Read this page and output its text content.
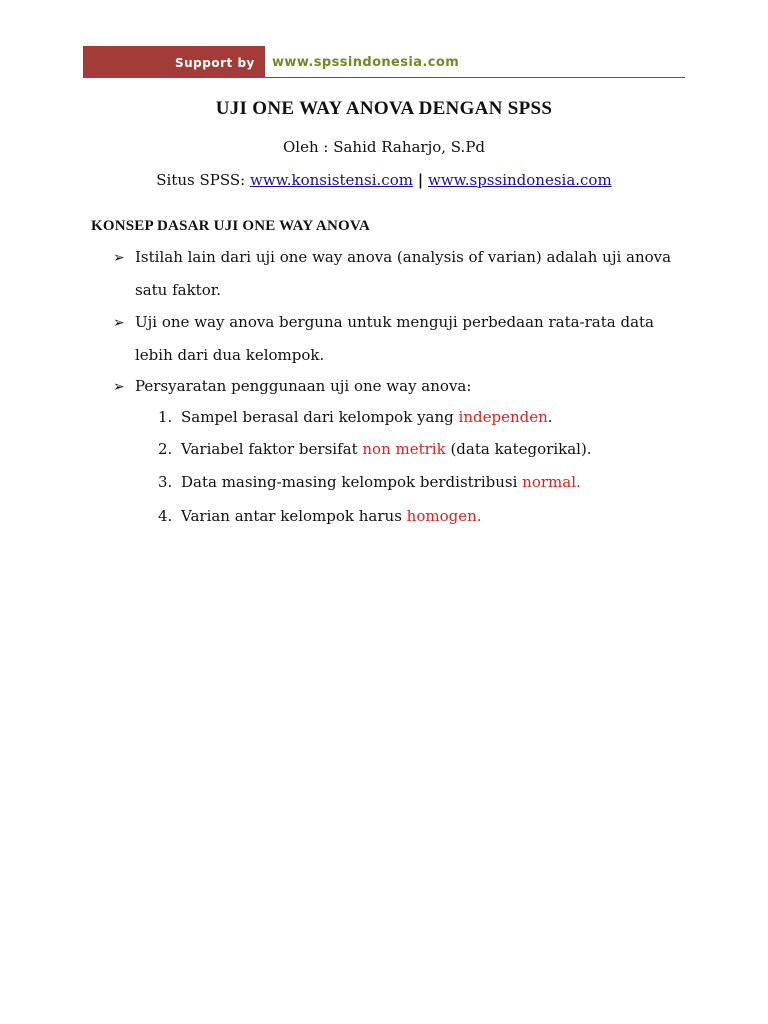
Support by	www.spssindonesia.com
UJI ONE WAY ANOVA DENGAN SPSS
Oleh : Sahid Raharjo, S.Pd
Situs SPSS: www.konsistensi.com | www.spssindonesia.com
KONSEP DASAR UJI ONE WAY ANOVA
➢ Istilah lain dari uji one way anova (analysis of varian) adalah uji anova
satu faktor.
➢ Uji one way anova berguna untuk menguji perbedaan rata-rata data
lebih dari dua kelompok.
➢ Persyaratan penggunaan uji one way anova:
1. Sampel berasal dari kelompok yang independen.
2. Variabel faktor bersifat non metrik (data kategorikal).
3. Data masing-masing kelompok berdistribusi normal.
4. Varian antar kelompok harus homogen.
